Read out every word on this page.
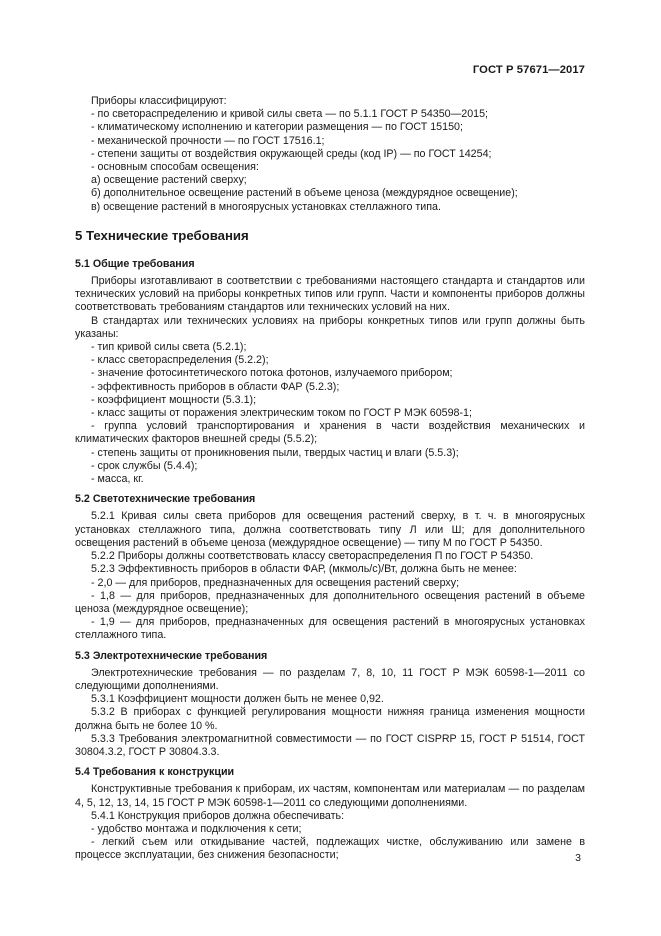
ГОСТ Р 57671—2017

Приборы классифицируют:

- по светораспределению и кривой силы света — по 5.1.1 ГОСТ Р 54350—2015;

- климатическому исполнению и категории размещения — по ГОСТ 15150;

- механической прочности — по ГОСТ 17516.1;

- степени защиты от воздействия окружающей среды (код IP) — по ГОСТ 14254;

- основным способам освещения:

а) освещение растений сверху;

б) дополнительное освещение растений в объеме ценоза (междурядное освещение);

в) освещение растений в многоярусных установках стеллажного типа.

5 Технические требования
5.1 Общие требования

Приборы изготавливают в соответствии с требованиями настоящего стандарта и стандартов или технических условий на приборы конкретных типов или групп. Части и компоненты приборов должны соответствовать требованиям стандартов или технических условий на них.

В стандартах или технических условиях на приборы конкретных типов или групп должны быть указаны:

- тип кривой силы света (5.2.1);

- класс светораспределения (5.2.2);

- значение фотосинтетического потока фотонов, излучаемого прибором;

- эффективность приборов в области ФАР (5.2.3);

- коэффициент мощности (5.3.1);

- класс защиты от поражения электрическим током по ГОСТ Р МЭК 60598-1;

- группа условий транспортирования и хранения в части воздействия механических и климатических факторов внешней среды (5.5.2);

- степень защиты от проникновения пыли, твердых частиц и влаги (5.5.3);

- срок службы (5.4.4);

- масса, кг.

5.2 Светотехнические требования

5.2.1 Кривая силы света приборов для освещения растений сверху, в т. ч. в многоярусных установках стеллажного типа, должна соответствовать типу Л или Ш; для дополнительного освещения растений в объеме ценоза (междурядное освещение) — типу М по ГОСТ Р 54350.

5.2.2 Приборы должны соответствовать классу светораспределения П по ГОСТ Р 54350.

5.2.3 Эффективность приборов в области ФАР, (мкмоль/с)/Вт, должна быть не менее:

- 2,0 — для приборов, предназначенных для освещения растений сверху;

- 1,8 — для приборов, предназначенных для дополнительного освещения растений в объеме ценоза (междурядное освещение);

- 1,9 — для приборов, предназначенных для освещения растений в многоярусных установках стеллажного типа.

5.3 Электротехнические требования

Электротехнические требования — по разделам 7, 8, 10, 11 ГОСТ Р МЭК 60598-1—2011 со следующими дополнениями.

5.3.1 Коэффициент мощности должен быть не менее 0,92.

5.3.2 В приборах с функцией регулирования мощности нижняя граница изменения мощности должна быть не более 10 %.

5.3.3 Требования электромагнитной совместимости — по ГОСТ CISPRP 15, ГОСТ Р 51514, ГОСТ 30804.3.2, ГОСТ Р 30804.3.3.

5.4 Требования к конструкции

Конструктивные требования к приборам, их частям, компонентам или материалам — по разделам 4, 5, 12, 13, 14, 15 ГОСТ Р МЭК 60598-1—2011 со следующими дополнениями.

5.4.1 Конструкция приборов должна обеспечивать:

- удобство монтажа и подключения к сети;

- легкий съем или откидывание частей, подлежащих чистке, обслуживанию или замене в процессе эксплуатации, без снижения безопасности;	3
